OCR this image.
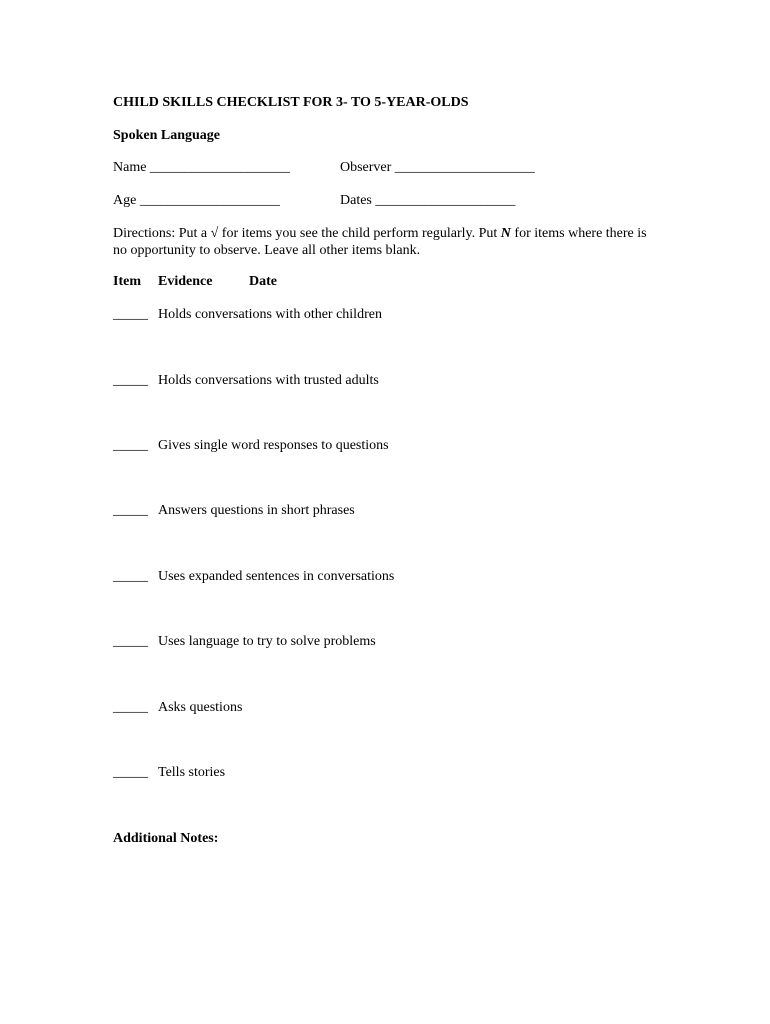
CHILD SKILLS CHECKLIST FOR 3- TO 5-YEAR-OLDS
Spoken Language
Name ____________________	Observer ____________________
Age ____________________	Dates ____________________
Directions: Put a √ for items you see the child perform regularly. Put N for items where there is no opportunity to observe. Leave all other items blank.
Item Evidence	Date
_____ Holds conversations with other children
_____ Holds conversations with trusted adults
_____ Gives single word responses to questions
_____ Answers questions in short phrases
_____ Uses expanded sentences in conversations
_____ Uses language to try to solve problems
_____ Asks questions
_____ Tells stories
Additional Notes:
